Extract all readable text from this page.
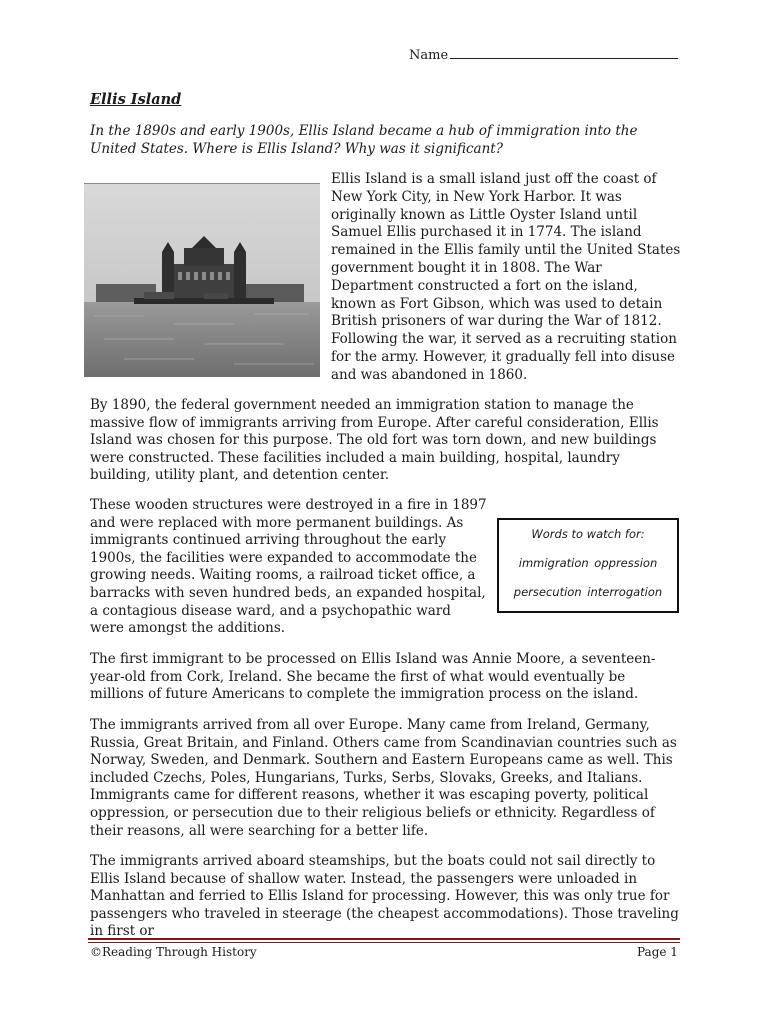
Name
Ellis Island
In the 1890s and early 1900s, Ellis Island became a hub of immigration into the United States. Where is Ellis Island? Why was it significant?
Ellis Island is a small island just off the coast of New York City, in New York Harbor. It was originally known as Little Oyster Island until Samuel Ellis purchased it in 1774. The island remained in the Ellis family until the United States government bought it in 1808. The War Department constructed a fort on the island, known as Fort Gibson, which was used to detain British prisoners of war during the War of 1812. Following the war, it served as a recruiting station for the army. However, it gradually fell into disuse and was abandoned in 1860.
By 1890, the federal government needed an immigration station to manage the massive flow of immigrants arriving from Europe. After careful consideration, Ellis Island was chosen for this purpose. The old fort was torn down, and new buildings were constructed. These facilities included a main building, hospital, laundry building, utility plant, and detention center.
These wooden structures were destroyed in a fire in 1897 and were replaced with more permanent buildings. As immigrants continued arriving throughout the early 1900s, the facilities were expanded to accommodate the growing needs. Waiting rooms, a railroad ticket office, a barracks with seven hundred beds, an expanded hospital, a contagious disease ward, and a psychopathic ward were amongst the additions.
Words to watch for:
immigration oppression
persecution interrogation
The first immigrant to be processed on Ellis Island was Annie Moore, a seventeen-year-old from Cork, Ireland. She became the first of what would eventually be millions of future Americans to complete the immigration process on the island.
The immigrants arrived from all over Europe. Many came from Ireland, Germany, Russia, Great Britain, and Finland. Others came from Scandinavian countries such as Norway, Sweden, and Denmark. Southern and Eastern Europeans came as well. This included Czechs, Poles, Hungarians, Turks, Serbs, Slovaks, Greeks, and Italians. Immigrants came for different reasons, whether it was escaping poverty, political oppression, or persecution due to their religious beliefs or ethnicity. Regardless of their reasons, all were searching for a better life.
The immigrants arrived aboard steamships, but the boats could not sail directly to Ellis Island because of shallow water. Instead, the passengers were unloaded in Manhattan and ferried to Ellis Island for processing. However, this was only true for passengers who traveled in steerage (the cheapest accommodations). Those traveling in first or
©Reading Through History	Page 1
